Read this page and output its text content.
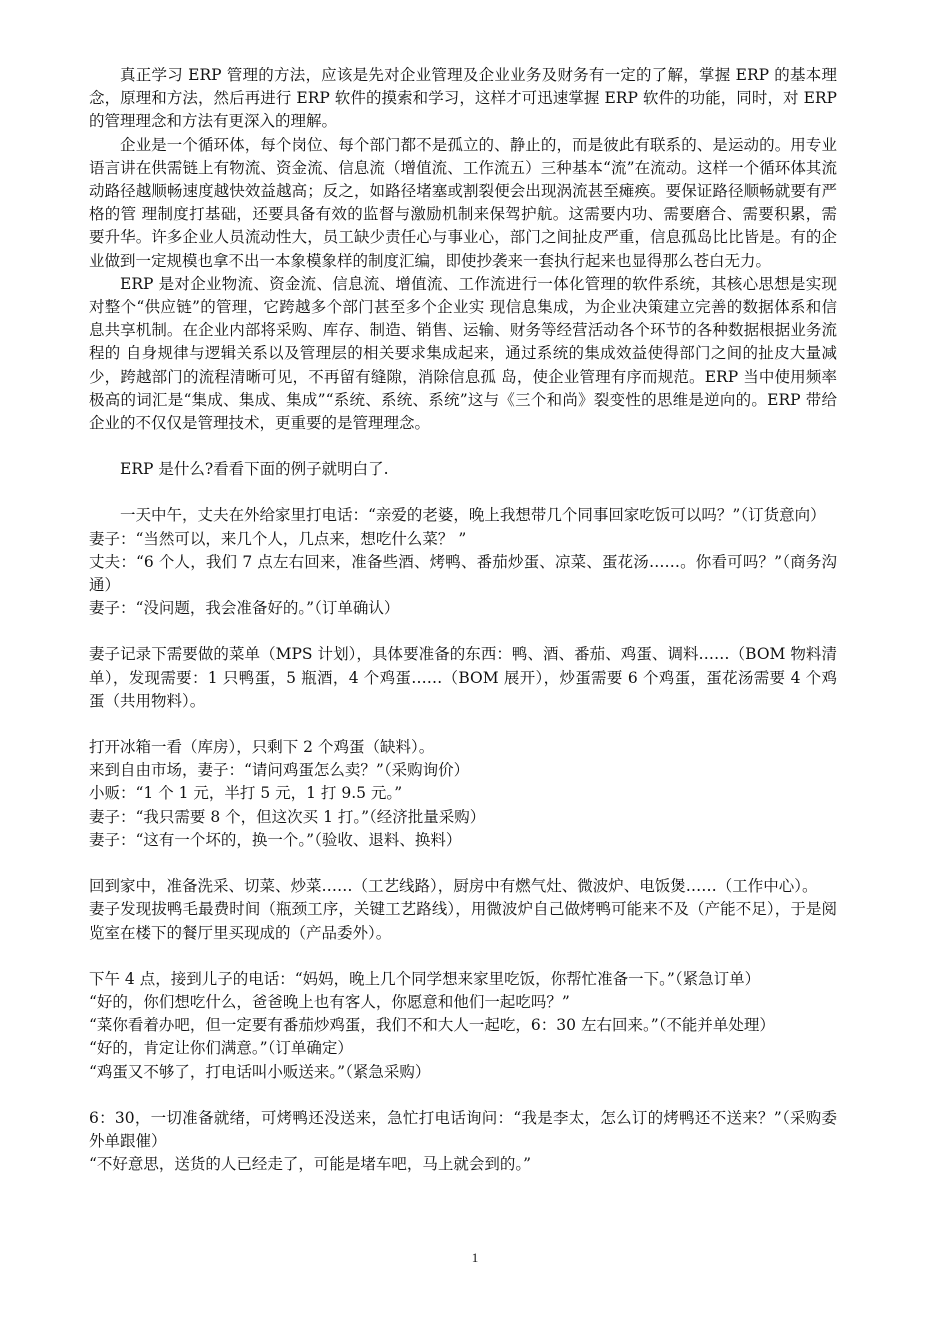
真正学习 ERP 管理的方法，应该是先对企业管理及企业业务及财务有一定的了解，掌握 ERP 的基本理念，原理和方法，然后再进行 ERP 软件的摸索和学习，这样才可迅速掌握 ERP 软件的功能，同时，对 ERP 的管理理念和方法有更深入的理解。

企业是一个循环体，每个岗位、每个部门都不是孤立的、静止的，而是彼此有联系的、是运动的。用专业语言讲在供需链上有物流、资金流、信息流（增值流、工作流五）三种基本“流”在流动。这样一个循环体其流动路径越顺畅速度越快效益越高；反之，如路径堵塞或割裂便会出现涡流甚至瘫痪。要保证路径顺畅就要有严格的管 理制度打基础，还要具备有效的监督与激励机制来保驾护航。这需要内功、需要磨合、需要积累，需要升华。许多企业人员流动性大，员工缺少责任心与事业心，部门之间扯皮严重，信息孤岛比比皆是。有的企业做到一定规模也拿不出一本象模象样的制度汇编，即使抄袭来一套执行起来也显得那么苍白无力。

ERP 是对企业物流、资金流、信息流、增值流、工作流进行一体化管理的软件系统，其核心思想是实现对整个“供应链”的管理，它跨越多个部门甚至多个企业实 现信息集成，为企业决策建立完善的数据体系和信息共享机制。在企业内部将采购、库存、制造、销售、运输、财务等经营活动各个环节的各种数据根据业务流程的 自身规律与逻辑关系以及管理层的相关要求集成起来，通过系统的集成效益使得部门之间的扯皮大量减少，跨越部门的流程清晰可见，不再留有缝隙，消除信息孤 岛，使企业管理有序而规范。ERP 当中使用频率极高的词汇是“集成、集成、集成”“系统、系统、系统”这与《三个和尚》裂变性的思维是逆向的。ERP 带给企业的不仅仅是管理技术，更重要的是管理理念。

ERP 是什么?看看下面的例子就明白了.

一天中午，丈夫在外给家里打电话：“亲爱的老婆，晚上我想带几个同事回家吃饭可以吗？”（订货意向）

妻子：“当然可以，来几个人，几点来，想吃什么菜？ ”

丈夫：“6 个人，我们 7 点左右回来，准备些酒、烤鸭、番茄炒蛋、凉菜、蛋花汤……。你看可吗？”（商务沟通）

妻子：“没问题，我会准备好的。”（订单确认）

妻子记录下需要做的菜单（MPS 计划），具体要准备的东西：鸭、酒、番茄、鸡蛋、调料……（BOM 物料清单），发现需要：1 只鸭蛋，5 瓶酒，4 个鸡蛋……（BOM 展开），炒蛋需要 6 个鸡蛋，蛋花汤需要 4 个鸡蛋（共用物料）。

打开冰箱一看（库房），只剩下 2 个鸡蛋（缺料）。

来到自由市场，妻子：“请问鸡蛋怎么卖？”（采购询价）

小贩：“1 个 1 元，半打 5 元，1 打 9.5 元。”

妻子：“我只需要 8 个，但这次买 1 打。”（经济批量采购）

妻子：“这有一个坏的，换一个。”（验收、退料、换料）

回到家中，准备洗采、切菜、炒菜……（工艺线路），厨房中有燃气灶、微波炉、电饭煲……（工作中心）。

妻子发现拔鸭毛最费时间（瓶颈工序，关键工艺路线），用微波炉自己做烤鸭可能来不及（产能不足），于是阅览室在楼下的餐厅里买现成的（产品委外）。

下午 4 点，接到儿子的电话：“妈妈，晚上几个同学想来家里吃饭，你帮忙准备一下。”（紧急订单）

“好的，你们想吃什么，爸爸晚上也有客人，你愿意和他们一起吃吗？”

“菜你看着办吧，但一定要有番茄炒鸡蛋，我们不和大人一起吃，6：30 左右回来。”（不能并单处理）

“好的，肯定让你们满意。”（订单确定）

“鸡蛋又不够了，打电话叫小贩送来。”（紧急采购）

6：30，一切准备就绪，可烤鸭还没送来，急忙打电话询问：“我是李太，怎么订的烤鸭还不送来？”（采购委外单跟催）

“不好意思，送货的人已经走了，可能是堵车吧，马上就会到的。”

1
